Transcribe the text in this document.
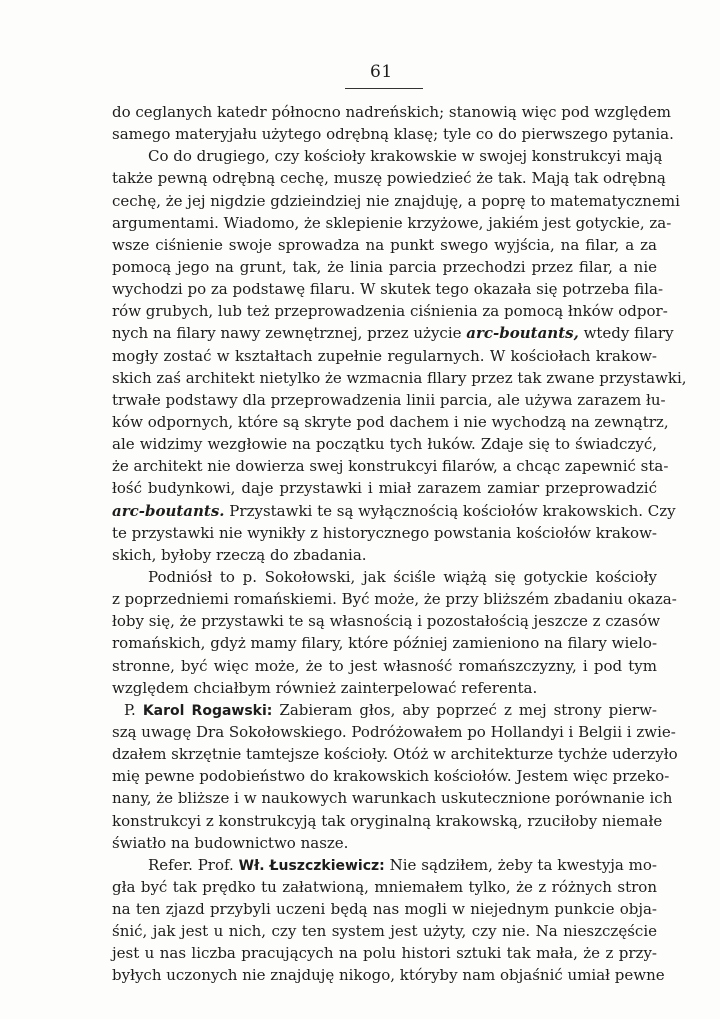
61
do ceglanych katedr północno nadreńskich; stanowią więc pod względem
samego materyjału użytego odrębną klasę; tyle co do pierwszego pytania.
Co do drugiego, czy kościoły krakowskie w swojej konstrukcyi mają
także pewną odrębną cechę, muszę powiedzieć że tak. Mają tak odrębną
cechę, że jej nigdzie gdzieindziej nie znajduję, a poprę to matematycznemi
argumentami. Wiadomo, że sklepienie krzyżowe, jakiém jest gotyckie, za-
wsze ciśnienie swoje sprowadza na punkt swego wyjścia, na filar, a za
pomocą jego na grunt, tak, że linia parcia przechodzi przez filar, a nie
wychodzi po za podstawę filaru. W skutek tego okazała się potrzeba fila-
rów grubych, lub też przeprowadzenia ciśnienia za pomocą łnków odpor-
nych na filary nawy zewnętrznej, przez użycie arc-boutants, wtedy filary
mogły zostać w kształtach zupełnie regularnych. W kościołach krakow-
skich zaś architekt nietylko że wzmacnia fllary przez tak zwane przystawki,
trwałe podstawy dla przeprowadzenia linii parcia, ale używa zarazem łu-
ków odpornych, które są skryte pod dachem i nie wychodzą na zewnątrz,
ale widzimy wezgłowie na początku tych łuków. Zdaje się to świadczyć,
że architekt nie dowierza swej konstrukcyi filarów, a chcąc zapewnić sta-
łość budynkowi, daje przystawki i miał zarazem zamiar przeprowadzić
arc-boutants. Przystawki te są wyłącznością kościołów krakowskich. Czy
te przystawki nie wynikły z historycznego powstania kościołów krakow-
skich, byłoby rzeczą do zbadania.
Podniósł to p. Sokołowski, jak ściśle wiążą się gotyckie kościoły
z poprzedniemi romańskiemi. Być może, że przy bliższém zbadaniu okaza-
łoby się, że przystawki te są własnością i pozostałością jeszcze z czasów
romańskich, gdyż mamy filary, które później zamieniono na filary wielo-
stronne, być więc może, że to jest własność romańszczyzny, i pod tym
względem chciałbym również zainterpelować referenta.
P. Karol Rogawski: Zabieram głos, aby poprzeć z mej strony pierw-
szą uwagę Dra Sokołowskiego. Podróżowałem po Hollandyi i Belgii i zwie-
dzałem skrzętnie tamtejsze kościoły. Otóż w architekturze tychże uderzyło
mię pewne podobieństwo do krakowskich kościołów. Jestem więc przeko-
nany, że bliższe i w naukowych warunkach uskutecznione porównanie ich
konstrukcyi z konstrukcyją tak oryginalną krakowską, rzuciłoby niemałe
światło na budownictwo nasze.
Refer. Prof. Wł. Łuszczkiewicz: Nie sądziłem, żeby ta kwestyja mo-
gła być tak prędko tu załatwioną, mniemałem tylko, że z różnych stron
na ten zjazd przybyli uczeni będą nas mogli w niejednym punkcie obja-
śnić, jak jest u nich, czy ten system jest użyty, czy nie. Na nieszczęście
jest u nas liczba pracujących na polu histori sztuki tak mała, że z przy-
byłych uczonych nie znajduję nikogo, któryby nam objaśnić umiał pewne
